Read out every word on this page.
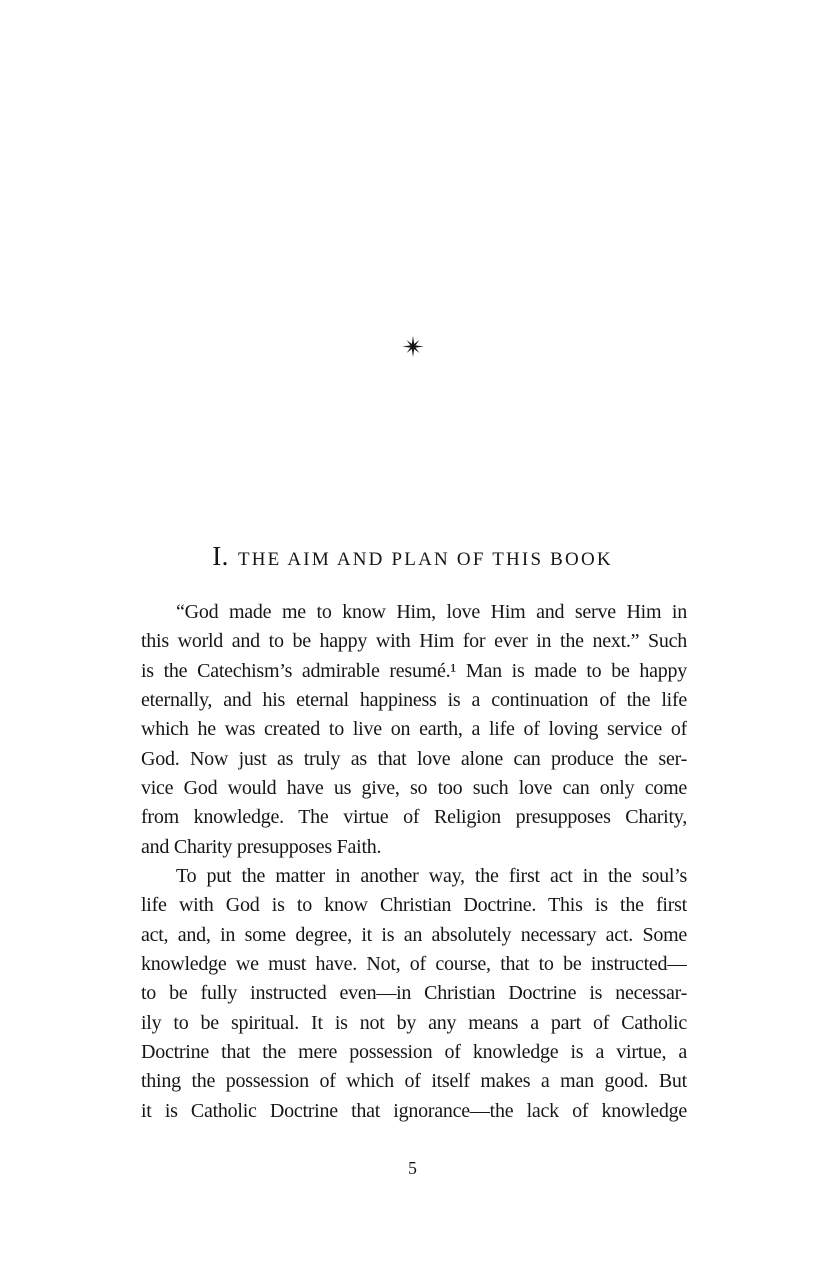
I. THE AIM AND PLAN OF THIS BOOK
“God made me to know Him, love Him and serve Him in
this world and to be happy with Him for ever in the next.” Such
is the Catechism’s admirable resumé.¹ Man is made to be happy
eternally, and his eternal happiness is a continuation of the life
which he was created to live on earth, a life of loving service of
God. Now just as truly as that love alone can produce the ser-
vice God would have us give, so too such love can only come
from knowledge. The virtue of Religion presupposes Charity,
and Charity presupposes Faith.
To put the matter in another way, the first act in the soul’s
life with God is to know Christian Doctrine. This is the first
act, and, in some degree, it is an absolutely necessary act. Some
knowledge we must have. Not, of course, that to be instructed—
to be fully instructed even—in Christian Doctrine is necessar-
ily to be spiritual. It is not by any means a part of Catholic
Doctrine that the mere possession of knowledge is a virtue, a
thing the possession of which of itself makes a man good. But
it is Catholic Doctrine that ignorance—the lack of knowledge
5
